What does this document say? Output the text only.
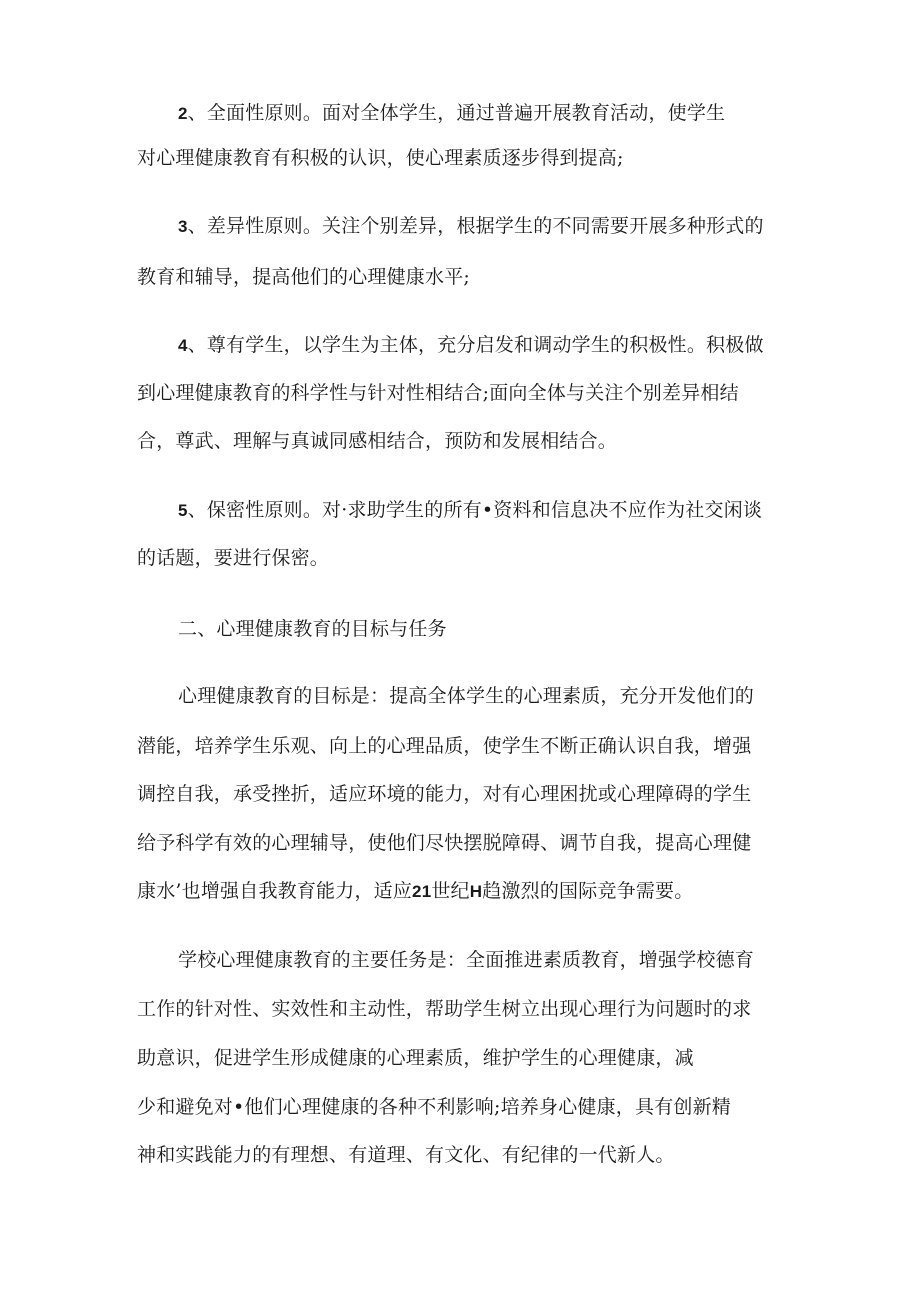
2、全面性原则。面对全体学生，通过普遍开展教育活动，使学生
对心理健康教育有积极的认识，使心理素质逐步得到提高;
3、差异性原则。关注个别差异，根据学生的不同需要开展多种形式的
教育和辅导，提高他们的心理健康水平;
4、尊有学生，以学生为主体，充分启发和调动学生的积极性。积极做
到心理健康教育的科学性与针对性相结合;面向全体与关注个别差异相结
合，尊武、理解与真诚同感相结合，预防和发展相结合。
5、保密性原则。对·求助学生的所有•资料和信息决不应作为社交闲谈
的话题，要进行保密。
二、心理健康教育的目标与任务
心理健康教育的目标是：提高全体学生的心理素质，充分开发他们的
潜能，培养学生乐观、向上的心理品质，使学生不断正确认识自我，增强
调控自我，承受挫折，适应环境的能力，对有心理困扰或心理障碍的学生
给予科学有效的心理辅导，使他们尽快摆脱障碍、调节自我，提高心理健
康水’也增强自我教育能力，适应21世纪H趋激烈的国际竞争需要。
学校心理健康教育的主要任务是：全面推进素质教育，增强学校德育
工作的针对性、实效性和主动性，帮助学生树立出现心理行为问题时的求
助意识，促进学生形成健康的心理素质，维护学生的心理健康，减
少和避免对•他们心理健康的各种不利影响;培养身心健康，具有创新精
神和实践能力的有理想、有道理、有文化、有纪律的一代新人。
